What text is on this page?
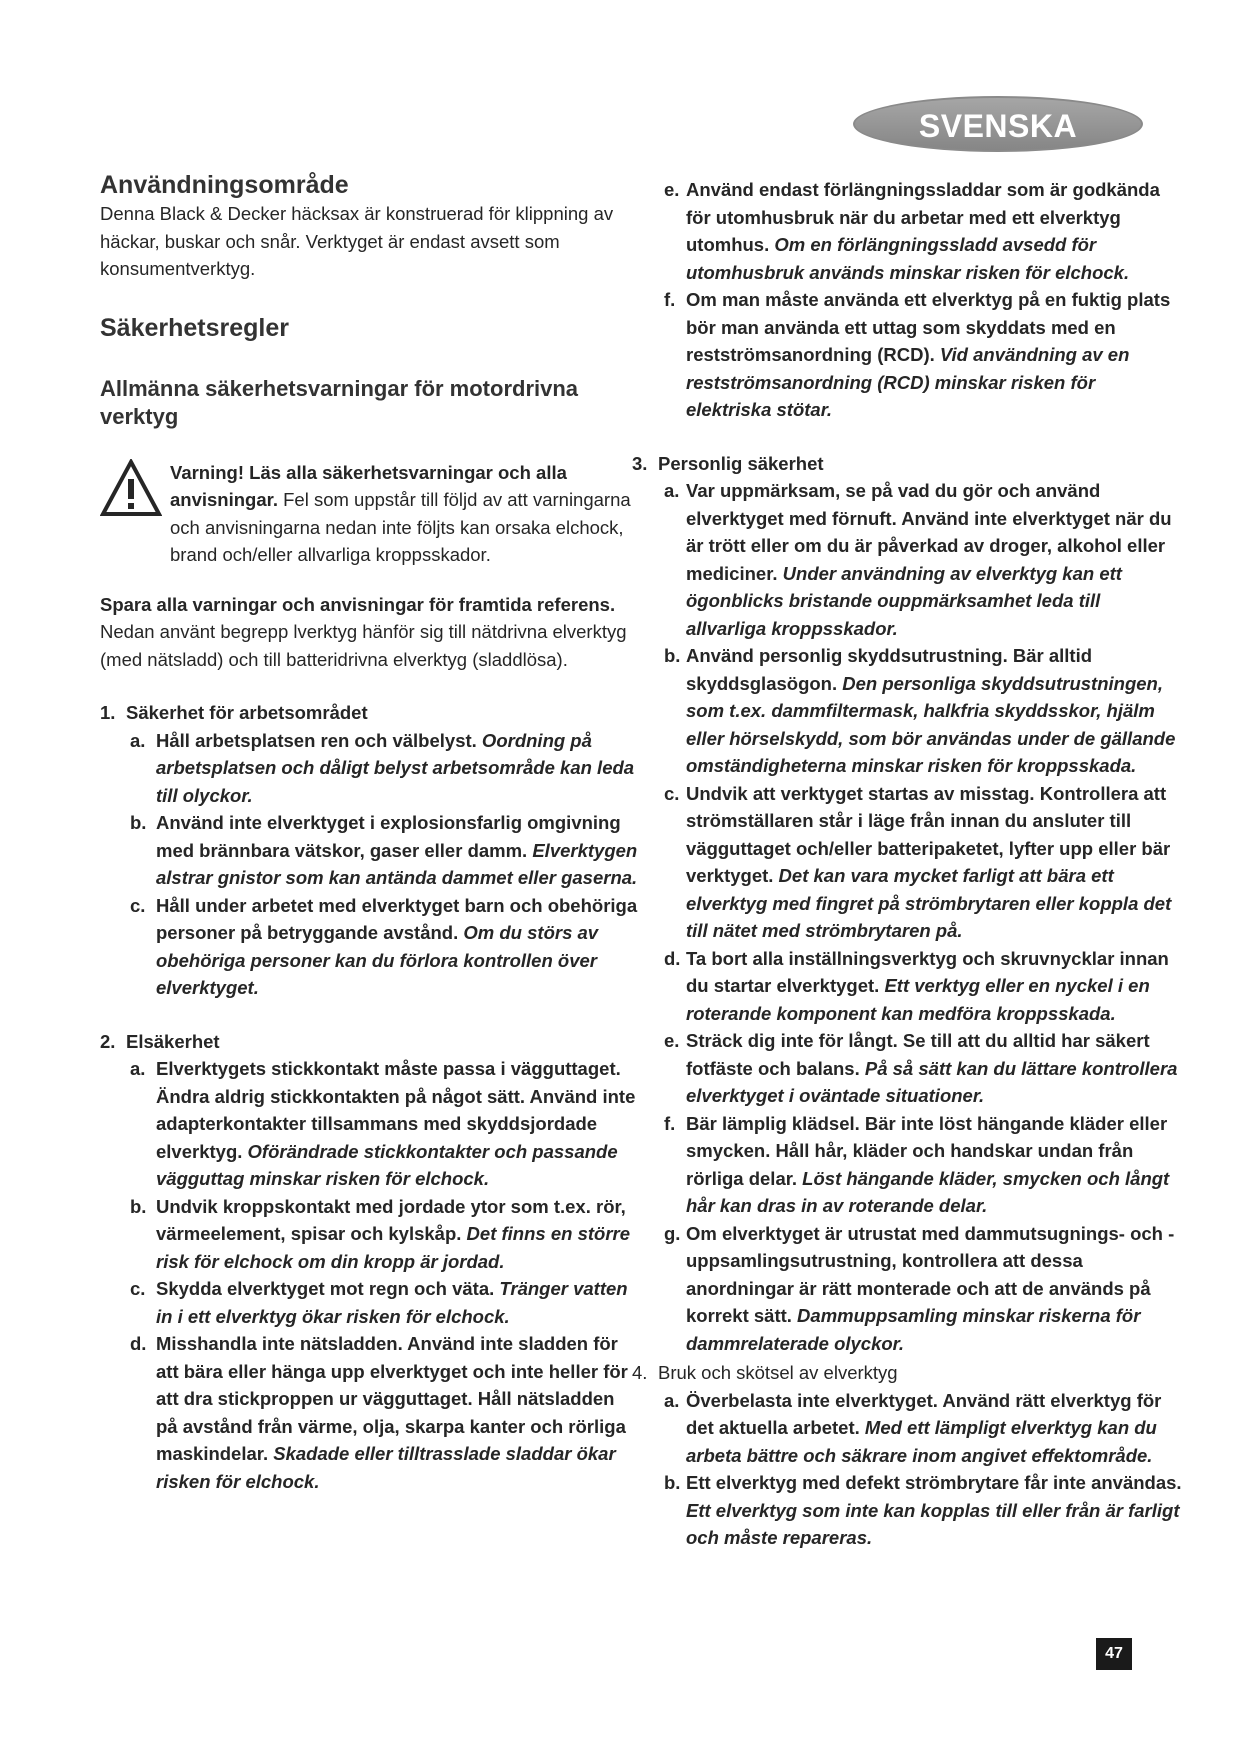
SVENSKA
Användningsområde

Denna Black & Decker häcksax är konstruerad för klippning av häckar, buskar och snår. Verktyget är endast avsett som konsumentverktyg.

Säkerhetsregler
Allmänna säkerhetsvarningar för motordrivna verktyg

Varning! Läs alla säkerhetsvarningar och alla anvisningar. Fel som uppstår till följd av att varningarna och anvisningarna nedan inte följts kan orsaka elchock, brand och/eller allvarliga kroppsskador.

Spara alla varningar och anvisningar för framtida referens. Nedan använt begrepp lverktyg hänför sig till nätdrivna elverktyg (med nätsladd) och till batteridrivna elverktyg (sladdlösa).

1. Säkerhet för arbetsområdet
a. Håll arbetsplatsen ren och välbelyst. Oordning på arbetsplatsen och dåligt belyst arbetsområde kan leda till olyckor.
b. Använd inte elverktyget i explosionsfarlig omgivning med brännbara vätskor, gaser eller damm. Elverktygen alstrar gnistor som kan antända dammet eller gaserna.
c. Håll under arbetet med elverktyget barn och obehöriga personer på betryggande avstånd. Om du störs av obehöriga personer kan du förlora kontrollen över elverktyget.
2. Elsäkerhet
a. Elverktygets stickkontakt måste passa i vägguttaget. Ändra aldrig stickkontakten på något sätt. Använd inte adapterkontakter tillsammans med skyddsjordade elverktyg. Oförändrade stickkontakter och passande vägguttag minskar risken för elchock.
b. Undvik kroppskontakt med jordade ytor som t.ex. rör, värmeelement, spisar och kylskåp. Det finns en större risk för elchock om din kropp är jordad.
c. Skydda elverktyget mot regn och väta. Tränger vatten in i ett elverktyg ökar risken för elchock.
d. Misshandla inte nätsladden. Använd inte sladden för att bära eller hänga upp elverktyget och inte heller för att dra stickproppen ur vägguttaget. Håll nätsladden på avstånd från värme, olja, skarpa kanter och rörliga maskindelar. Skadade eller tilltrasslade sladdar ökar risken för elchock.
e. Använd endast förlängningssladdar som är godkända för utomhusbruk när du arbetar med ett elverktyg utomhus. Om en förlängningssladd avsedd för utomhusbruk används minskar risken för elchock.
f. Om man måste använda ett elverktyg på en fuktig plats bör man använda ett uttag som skyddats med en restströmsanordning (RCD). Vid användning av en restströmsanordning (RCD) minskar risken för elektriska stötar.
3. Personlig säkerhet
a. Var uppmärksam, se på vad du gör och använd elverktyget med förnuft. Använd inte elverktyget när du är trött eller om du är påverkad av droger, alkohol eller mediciner. Under användning av elverktyg kan ett ögonblicks bristande ouppmärksamhet leda till allvarliga kroppsskador.
b. Använd personlig skyddsutrustning. Bär alltid skyddsglasögon. Den personliga skyddsutrustningen, som t.ex. dammfiltermask, halkfria skyddsskor, hjälm eller hörselskydd, som bör användas under de gällande omständigheterna minskar risken för kroppsskada.
c. Undvik att verktyget startas av misstag. Kontrollera att strömställaren står i läge från innan du ansluter till vägguttaget och/eller batteripaketet, lyfter upp eller bär verktyget. Det kan vara mycket farligt att bära ett elverktyg med fingret på strömbrytaren eller koppla det till nätet med strömbrytaren på.
d. Ta bort alla inställningsverktyg och skruvnycklar innan du startar elverktyget. Ett verktyg eller en nyckel i en roterande komponent kan medföra kroppsskada.
e. Sträck dig inte för långt. Se till att du alltid har säkert fotfäste och balans. På så sätt kan du lättare kontrollera elverktyget i oväntade situationer.
f. Bär lämplig klädsel. Bär inte löst hängande kläder eller smycken. Håll hår, kläder och handskar undan från rörliga delar. Löst hängande kläder, smycken och långt hår kan dras in av roterande delar.
g. Om elverktyget är utrustat med dammutsugnings- och -uppsamlingsutrustning, kontrollera att dessa anordningar är rätt monterade och att de används på korrekt sätt. Dammuppsamling minskar riskerna för dammrelaterade olyckor.
4. Bruk och skötsel av elverktyg
a. Överbelasta inte elverktyget. Använd rätt elverktyg för det aktuella arbetet. Med ett lämpligt elverktyg kan du arbeta bättre och säkrare inom angivet effektområde.
b. Ett elverktyg med defekt strömbrytare får inte användas. Ett elverktyg som inte kan kopplas till eller från är farligt och måste repareras.
47
